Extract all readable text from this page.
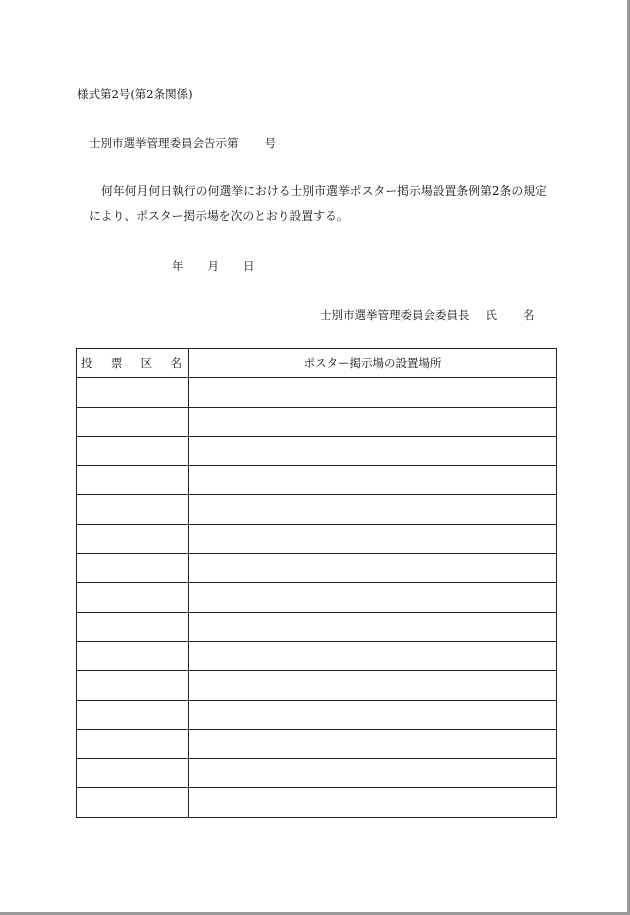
様式第2号(第2条関係)
士別市選挙管理委員会告示第 号
何年何月何日執行の何選挙における士別市選挙ポスター掲示場設置条例第2条の規定
により、ポスター掲示場を次のとおり設置する。
年 月 日
士別市選挙管理委員会委員長 氏 名
投 票 区 名	ポスター掲示場の設置場所
